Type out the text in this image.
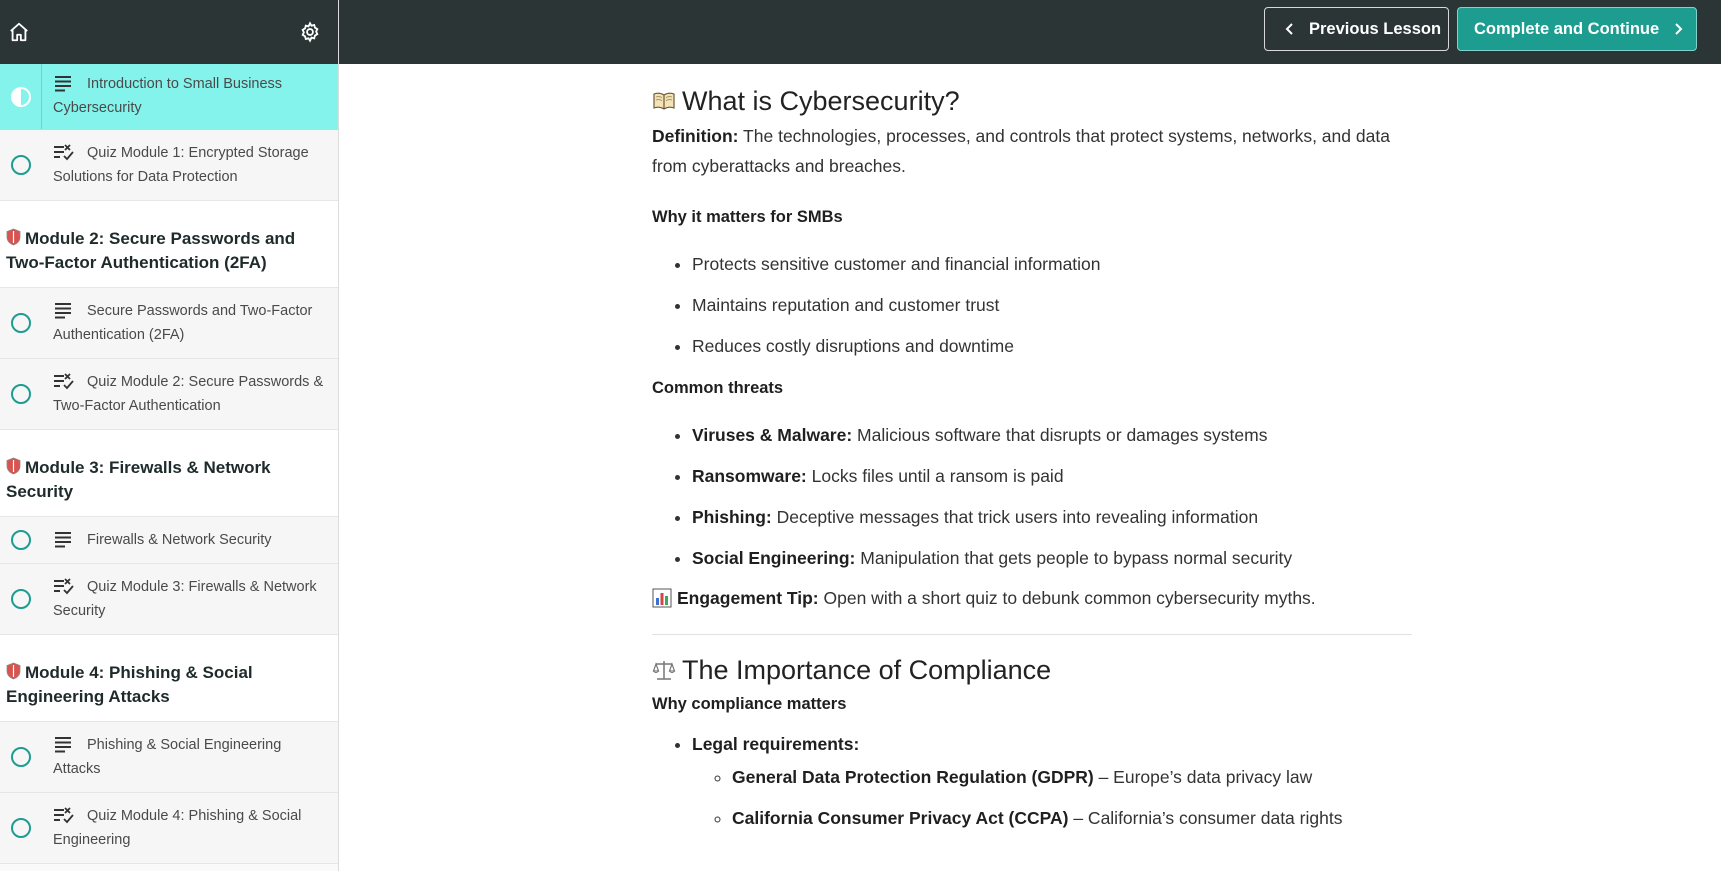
Introduction to Small Business Cybersecurity
Quiz Module 1: Encrypted Storage Solutions for Data Protection
Module 2: Secure Passwords and Two-Factor Authentication (2FA)
Secure Passwords and Two-Factor Authentication (2FA)
Quiz Module 2: Secure Passwords & Two-Factor Authentication
Module 3: Firewalls & Network Security
Firewalls & Network Security
Quiz Module 3: Firewalls & Network Security
Module 4: Phishing & Social Engineering Attacks
Phishing & Social Engineering Attacks
Quiz Module 4: Phishing & Social Engineering
Previous Lesson Complete and Continue
What is Cybersecurity?

Definition: The technologies, processes, and controls that protect systems, networks, and data from cyberattacks and breaches.

Why it matters for SMBs

• Protects sensitive customer and financial information
• Maintains reputation and customer trust
• Reduces costly disruptions and downtime

Common threats

• Viruses & Malware: Malicious software that disrupts or damages systems
• Ransomware: Locks files until a ransom is paid
• Phishing: Deceptive messages that trick users into revealing information
• Social Engineering: Manipulation that gets people to bypass normal security

Engagement Tip: Open with a short quiz to debunk common cybersecurity myths.

The Importance of Compliance

Why compliance matters

• Legal requirements:
◦ General Data Protection Regulation (GDPR) – Europe’s data privacy law
◦ California Consumer Privacy Act (CCPA) – California’s consumer data rights
